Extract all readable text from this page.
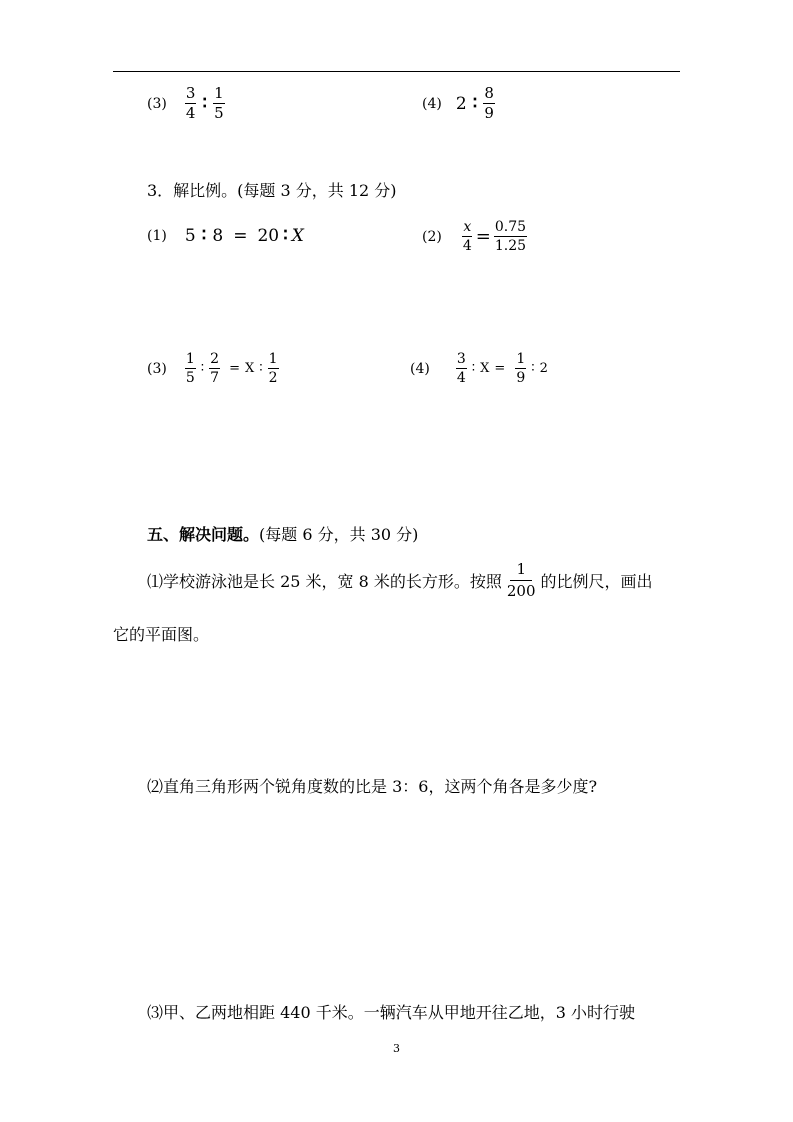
$(3) \frac{3}{4}$ ∶ $\frac{1}{5}$	(4) 2 ∶ $\frac{8}{9}$
3．解比例。(每题 3 分，共 12 分)
(1) 5 ∶ 8 = 20 ∶ X	$(2) \frac{x}{4} = \frac{0.75}{1.25}$
$(3) \frac{1}{5}$ ∶ $\frac{2}{7} = X$ ∶ $\frac{1}{2}$	$(4) \frac{3}{4}$ ∶ $X = \frac{1}{9}$ ∶ 2
五、解决问题。(每题 6 分，共 30 分)
⑴学校游泳池是长 25 米，宽 8 米的长方形。按照 $\frac{1}{200}$ 的比例尺，画出
它的平面图。
⑵直角三角形两个锐角度数的比是 3：6，这两个角各是多少度?
⑶甲、乙两地相距 440 千米。一辆汽车从甲地开往乙地，3 小时行驶
3
